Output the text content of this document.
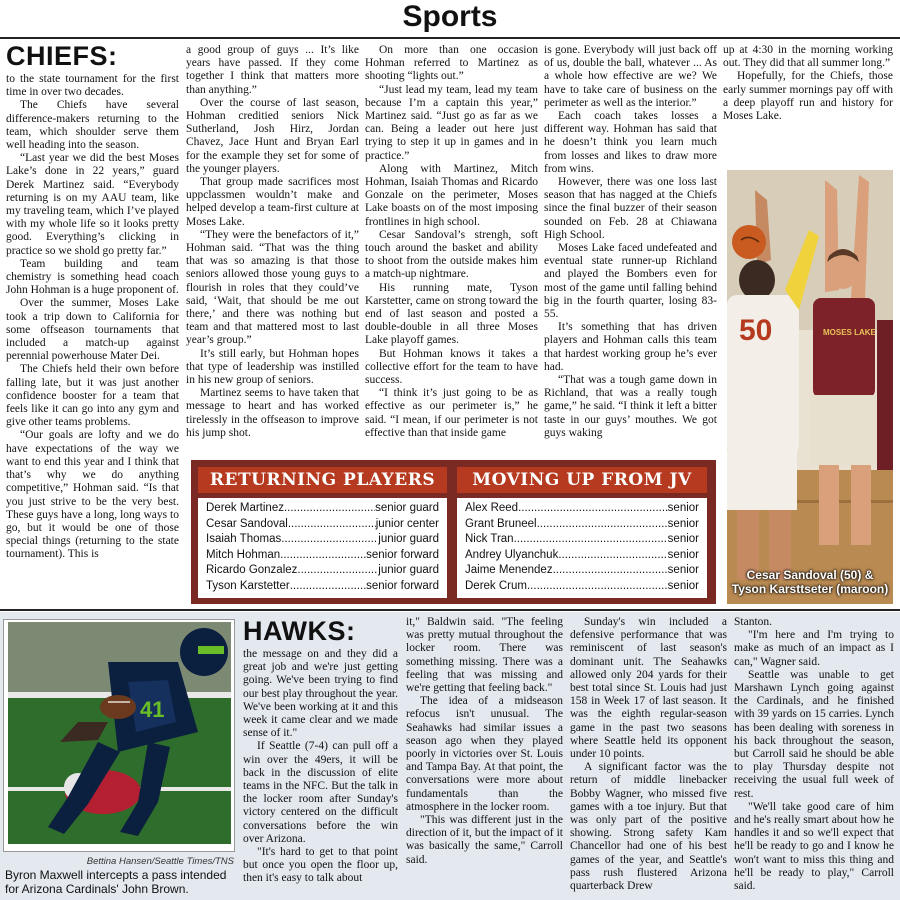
Sports
CHIEFS:

to the state tournament for the first time in over two decades.

The Chiefs have several difference-makers returning to the team, which shoulder serve them well heading into the season.

“Last year we did the best Moses Lake’s done in 22 years,” guard Derek Martinez said. “Everybody returning is on my AAU team, like my traveling team, which I’ve played with my whole life so it looks pretty good. Everything’s clicking in practice so we shold go pretty far.”

Team building and team chemistry is something head coach John Hohman is a huge proponent of.

Over the summer, Moses Lake took a trip down to California for some offseason tournaments that included a match-up against perennial powerhouse Mater Dei.

The Chiefs held their own before falling late, but it was just another confidence booster for a team that feels like it can go into any gym and give other teams problems.

“Our goals are lofty and we do have expectations of the way we want to end this year and I think that that’s why we do anything competitive,” Hohman said. “Is that you just strive to be the very best. These guys have a long, long ways to go, but it would be one of those special things (returning to the state tournament). This is

a good group of guys ... It’s like years have passed. If they come together I think that matters more than anything.”

Over the course of last season, Hohman creditied seniors Nick Sutherland, Josh Hirz, Jordan Chavez, Jace Hunt and Bryan Earl for the example they set for some of the younger players.

That group made sacrifices most uppclassmen wouldn’t make and helped develop a team-first culture at Moses Lake.

“They were the benefactors of it,” Hohman said. “That was the thing that was so amazing is that those seniors allowed those young guys to flourish in roles that they could’ve said, ‘Wait, that should be me out there,’ and there was nothing but team and that mattered most to last year’s group.”

It’s still early, but Hohman hopes that type of leadership was instilled in his new group of seniors.

Martinez seems to have taken that message to heart and has worked tirelessly in the offseason to improve his jump shot.

On more than one occasion Hohman referred to Martinez as shooting “lights out.”

“Just lead my team, lead my team because I’m a captain this year,” Martinez said. “Just go as far as we can. Being a leader out here just trying to step it up in games and in practice.”

Along with Martinez, Mitch Hohman, Isaiah Thomas and Ricardo Gonzale on the perimeter, Moses Lake boasts on of the most imposing frontlines in high school.

Cesar Sandoval’s strengh, soft touch around the basket and ability to shoot from the outside makes him a match-up nightmare.

His running mate, Tyson Karstetter, came on strong toward the end of last season and posted a double-double in all three Moses Lake playoff games.

But Hohman knows it takes a collective effort for the team to have success.

“I think it’s just going to be as effective as our perimeter is,” he said. “I mean, if our perimeter is not effective than that inside game

is gone. Everybody will just back off of us, double the ball, whatever ... As a whole how effective are we? We have to take care of business on the perimeter as well as the interior.”

Each coach takes losses a different way. Hohman has said that he doesn’t think you learn much from losses and likes to draw more from wins.

However, there was one loss last season that has nagged at the Chiefs since the final buzzer of their season sounded on Feb. 28 at Chiawana High School.

Moses Lake faced undefeated and eventual state runner-up Richland and played the Bombers even for most of the game until falling behind big in the fourth quarter, losing 83-55.

It’s something that has driven players and Hohman calls this team that hardest working group he’s ever had.

“That was a tough game down in Richland, that was a really tough game,” he said. “I think it left a bitter taste in our guys’ mouthes. We got guys waking

up at 4:30 in the morning working out. They did that all summer long.”

Hopefully, for the Chiefs, those early summer mornings pay off with a deep playoff run and history for Moses Lake.

50	MOSES LAKE
Cesar Sandoval (50) &
Tyson Karsttseter (maroon)
RETURNING PLAYERS	MOVING UP FROM JV
Derek Martinez .....	senior guard
Cesar Sandoval .....	junior center
Isaiah Thomas .....	junior guard
Mitch Hohman .....	senior forward
Ricardo Gonzalez .....	junior guard
Tyson Karstetter .....	senior forward
Alex Reed .....	senior
Grant Bruneel .....	senior
Nick Tran .....	senior
Andrey Ulyanchuk .....	senior
Jaime Menendez .....	senior
Derek Crum .....	senior
41
Bettina Hansen/Seattle Times/TNS
Byron Maxwell intercepts a pass intended for Arizona Cardinals' John Brown.
HAWKS:

the message on and they did a great job and we're just getting going. We've been trying to find our best play throughout the year. We've been working at it and this week it came clear and we made sense of it."

If Seattle (7-4) can pull off a win over the 49ers, it will be back in the discussion of elite teams in the NFC. But the talk in the locker room after Sunday's victory centered on the difficult conversations before the win over Arizona.

"It's hard to get to that point but once you open the floor up, then it's easy to talk about

it," Baldwin said. "The feeling was pretty mutual throughout the locker room. There was something missing. There was a feeling that was missing and we're getting that feeling back."

The idea of a midseason refocus isn't unusual. The Seahawks had similar issues a season ago when they played poorly in victories over St. Louis and Tampa Bay. At that point, the conversations were more about fundamentals than the atmosphere in the locker room.

"This was different just in the direction of it, but the impact of it was basically the same," Carroll said.

Sunday's win included a defensive performance that was reminiscent of last season's dominant unit. The Seahawks allowed only 204 yards for their best total since St. Louis had just 158 in Week 17 of last season. It was the eighth regular-season game in the past two seasons where Seattle held its opponent under 10 points.

A significant factor was the return of middle linebacker Bobby Wagner, who missed five games with a toe injury. But that was only part of the positive showing. Strong safety Kam Chancellor had one of his best games of the year, and Seattle's pass rush flustered Arizona quarterback Drew

Stanton.

"I'm here and I'm trying to make as much of an impact as I can," Wagner said.

Seattle was unable to get Marshawn Lynch going against the Cardinals, and he finished with 39 yards on 15 carries. Lynch has been dealing with soreness in his back throughout the season, but Carroll said he should be able to play Thursday despite not receiving the usual full week of rest.

"We'll take good care of him and he's really smart about how he handles it and so we'll expect that he'll be ready to go and I know he won't want to miss this thing and he'll be ready to play," Carroll said.
